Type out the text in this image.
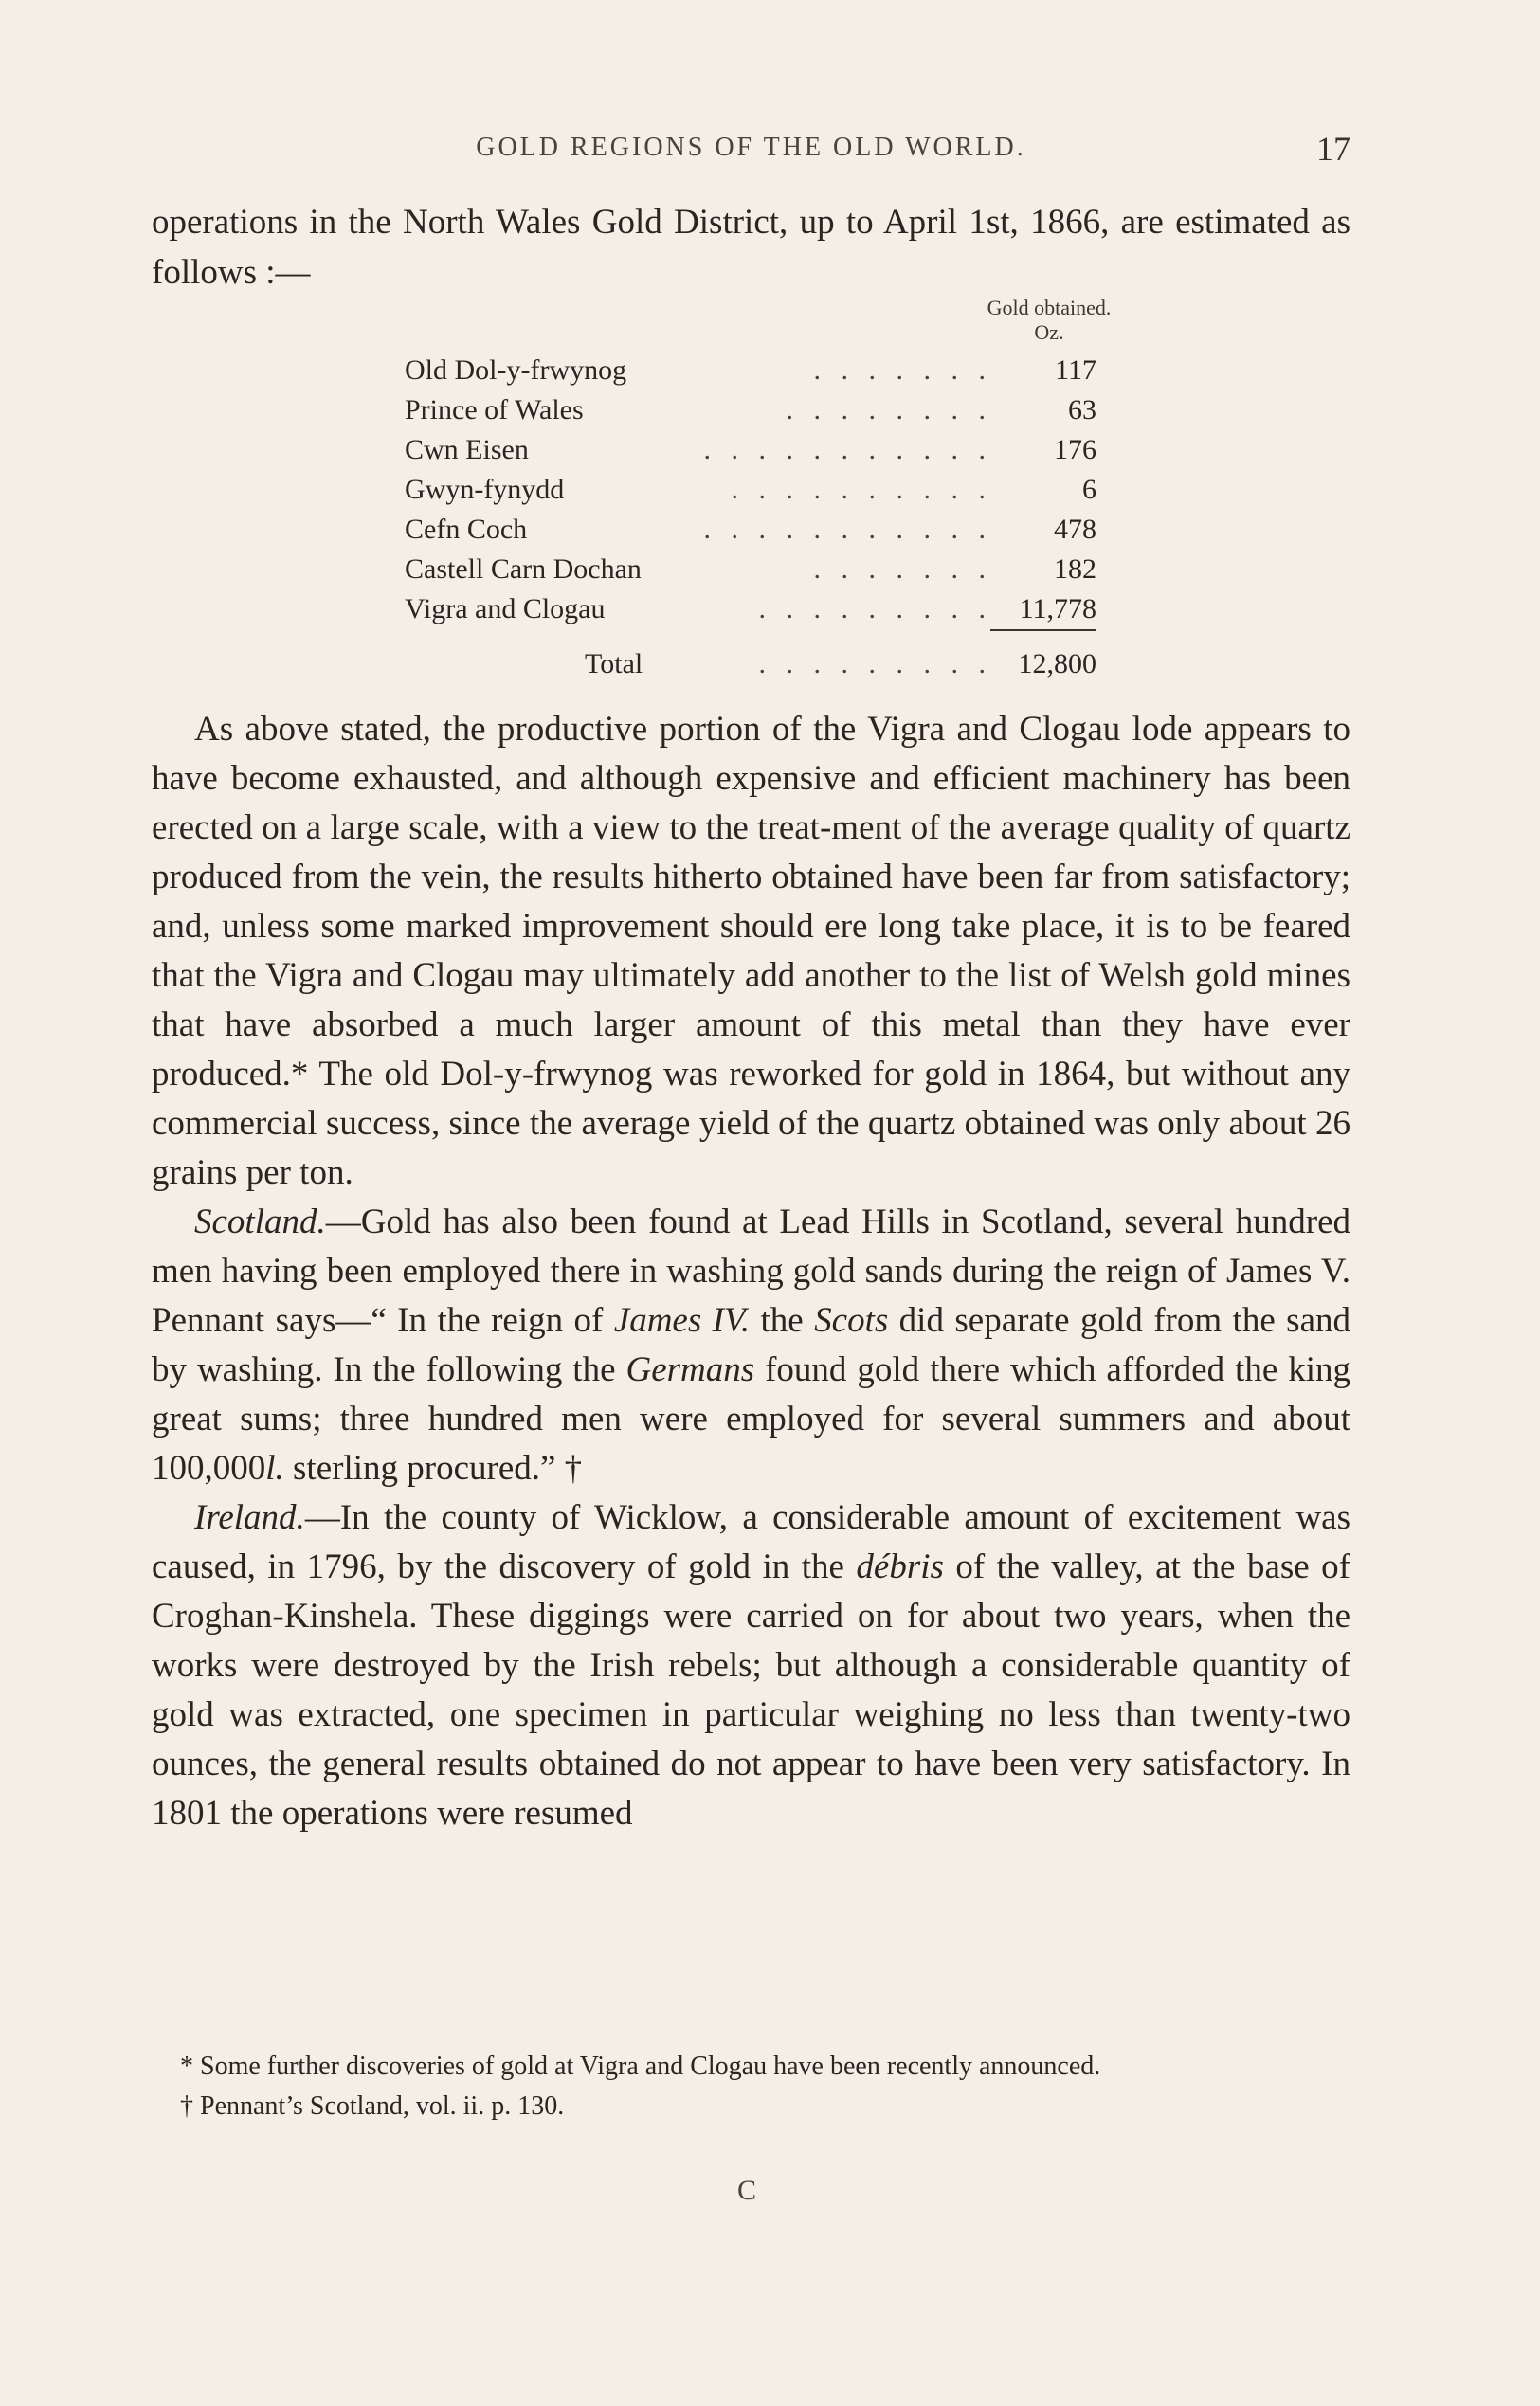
GOLD REGIONS OF THE OLD WORLD.	17

operations in the North Wales Gold District, up to April 1st, 1866, are estimated as follows :—

Gold obtained.
Oz.
. . . . . . .
Old Dol-y-frwynog	117
. . . . . . . .
Prince of Wales	63
. . . . . . . . . . .
Cwn Eisen	176
. . . . . . . . . .
Gwyn-fynydd	6
. . . . . . . . . . .
Cefn Coch	478
. . . . . . .
Castell Carn Dochan	182
. . . . . . . . .
Vigra and Clogau	11,778
. . . . . . . . .
Total	12,800

As above stated, the productive portion of the Vigra and Clogau lode appears to have become exhausted, and although expensive and efficient machinery has been erected on a large scale, with a view to the treat-ment of the average quality of quartz produced from the vein, the results hitherto obtained have been far from satisfactory; and, unless some marked improvement should ere long take place, it is to be feared that the Vigra and Clogau may ultimately add another to the list of Welsh gold mines that have absorbed a much larger amount of this metal than they have ever produced.* The old Dol-y-frwynog was reworked for gold in 1864, but without any commercial success, since the average yield of the quartz obtained was only about 26 grains per ton.

Scotland.—Gold has also been found at Lead Hills in Scotland, several hundred men having been employed there in washing gold sands during the reign of James V. Pennant says—“ In the reign of James IV. the Scots did separate gold from the sand by washing. In the following the Germans found gold there which afforded the king great sums; three hundred men were employed for several summers and about 100,000l. sterling procured.” †

Ireland.—In the county of Wicklow, a considerable amount of excitement was caused, in 1796, by the discovery of gold in the débris of the valley, at the base of Croghan-Kinshela. These diggings were carried on for about two years, when the works were destroyed by the Irish rebels; but although a considerable quantity of gold was extracted, one specimen in particular weighing no less than twenty-two ounces, the general results obtained do not appear to have been very satisfactory. In 1801 the operations were resumed

* Some further discoveries of gold at Vigra and Clogau have been recently announced.

† Pennant’s Scotland, vol. ii. p. 130.

C
